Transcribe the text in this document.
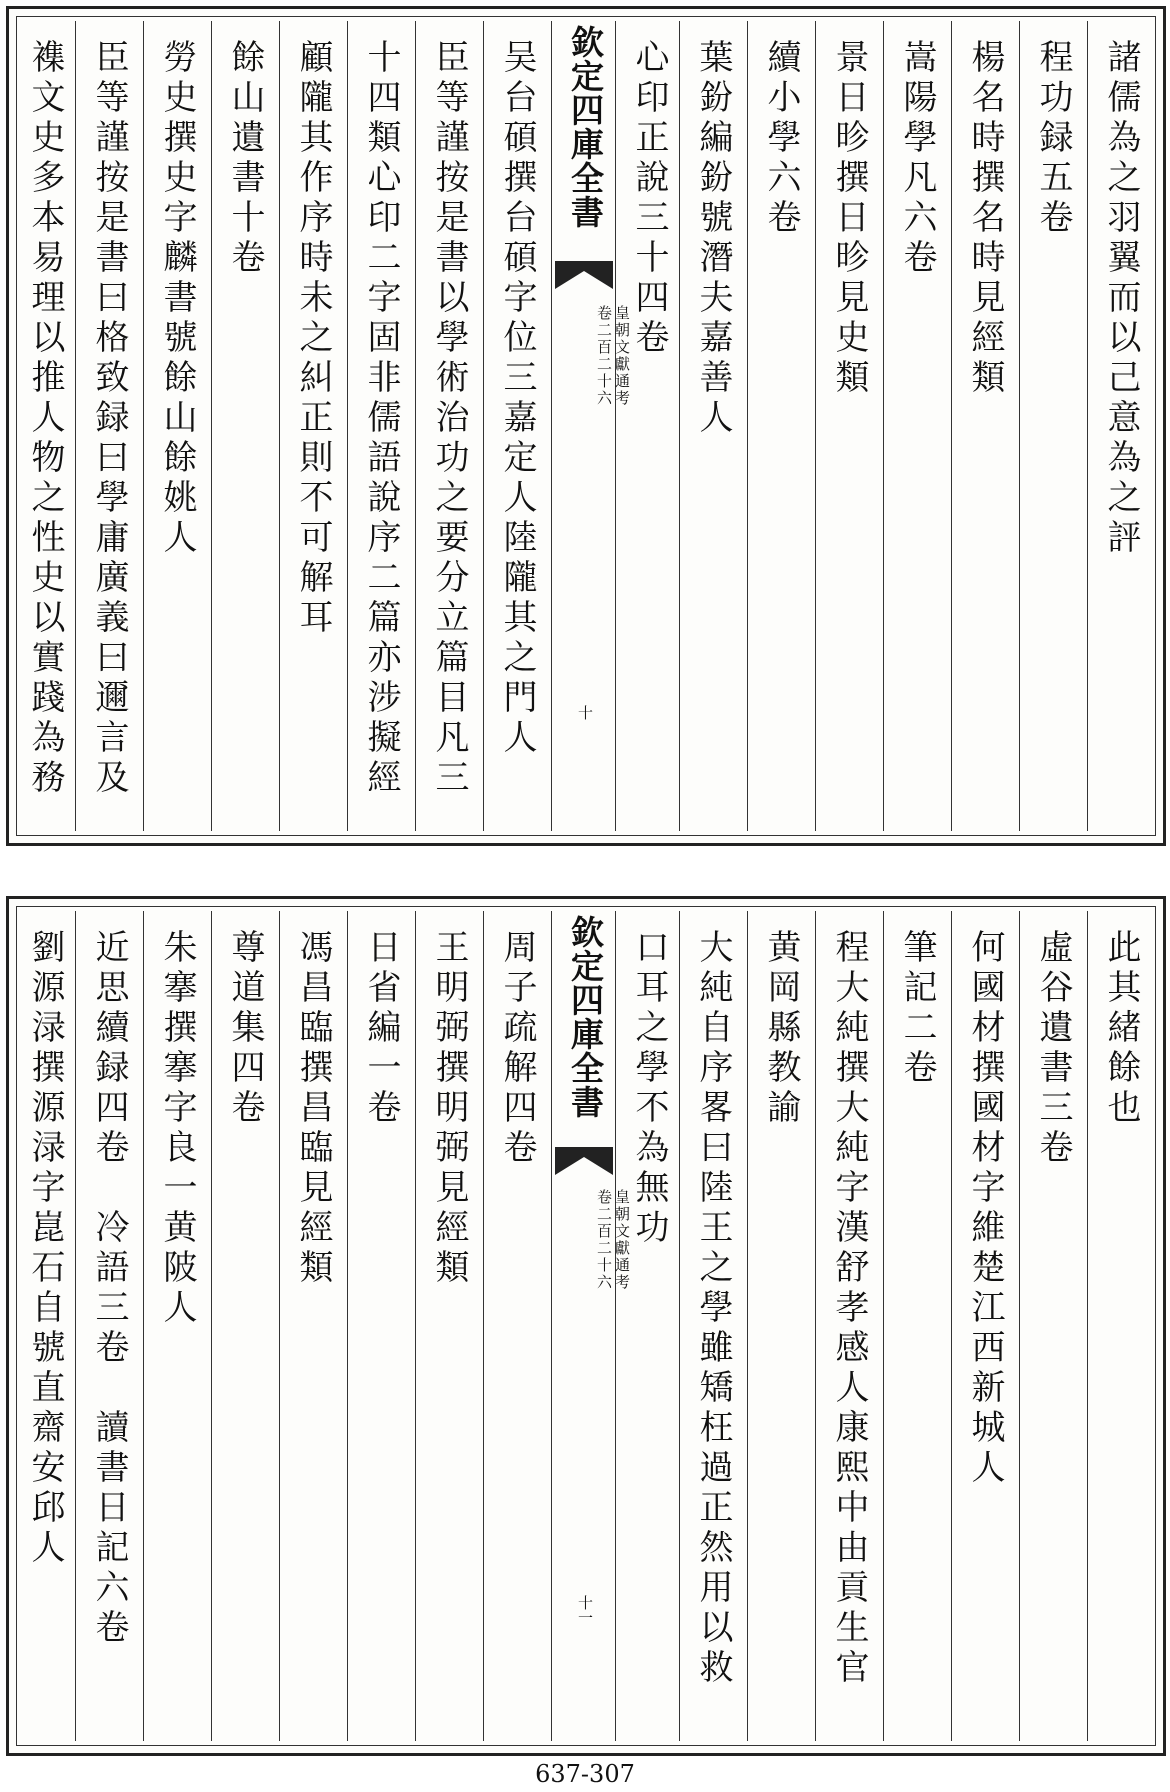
諸儒為之羽翼而以己意為之評
程功録五卷
楊名時撰名時見經類
嵩陽學凡六卷
景日昣撰日昣見史類
續小學六卷
葉鈖編鈖號潛夫嘉善人
心印正說三十四卷
欽定四庫全書
皇朝文獻通考
卷二百二十六
十
吴台碩撰台碩字位三嘉定人陸隴其之門人
臣等謹按是書以學術治功之要分立篇目凡三
十四類心印二字固非儒語說序二篇亦涉擬經
顧隴其作序時未之糾正則不可解耳
餘山遺書十卷
勞史撰史字麟書號餘山餘姚人
臣等謹按是書曰格致録曰學庸廣義曰邇言及
襍文史多本易理以推人物之性史以實踐為務
此其緒餘也
虛谷遺書三卷
何國材撰國材字維楚江西新城人
筆記二卷
程大純撰大純字漢舒孝感人康熙中由貢生官
黄岡縣教諭
大純自序畧曰陸王之學雖矯枉過正然用以救
口耳之學不為無功
欽定四庫全書
皇朝文獻通考
卷二百二十六
十一
周子疏解四卷
王明弼撰明弼見經類
日省編一卷
馮昌臨撰昌臨見經類
尊道集四卷
朱搴撰搴字良一黄陂人
近思續録四卷　冷語三卷　讀書日記六卷
劉源渌撰源渌字崑石自號直齋安邱人
637-307
